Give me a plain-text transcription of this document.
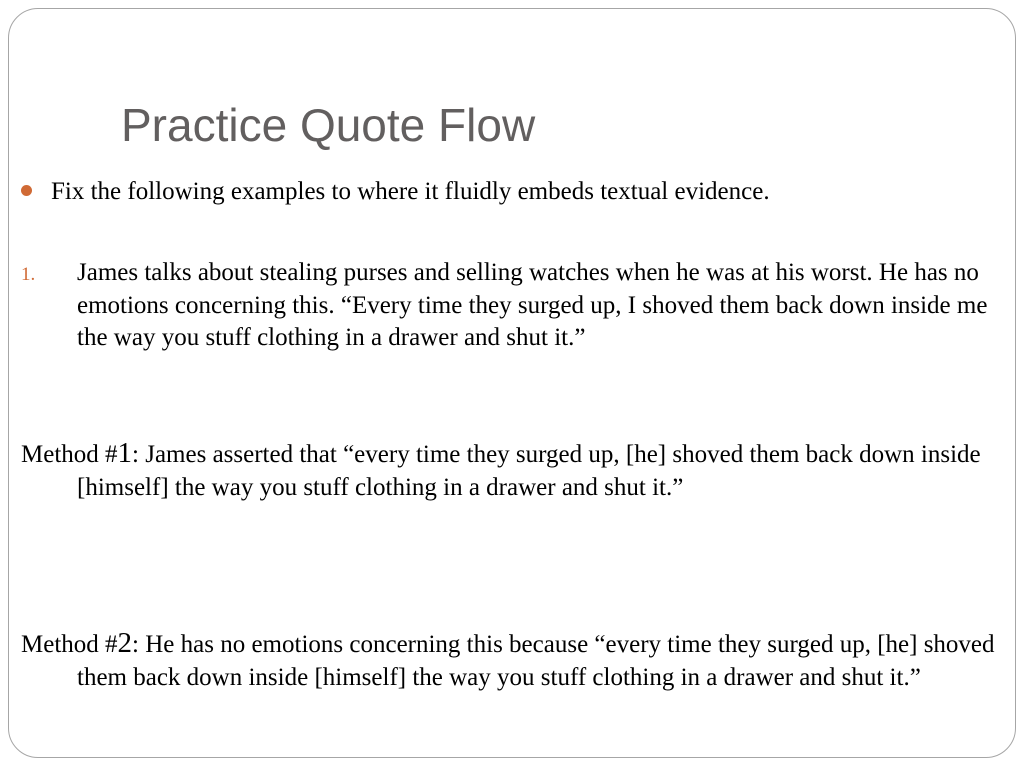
Practice Quote Flow
Fix the following examples to where it fluidly embeds textual evidence.
1. James talks about stealing purses and selling watches when he was at his worst. He has no emotions concerning this. “Every time they surged up, I shoved them back down inside me the way you stuff clothing in a drawer and shut it.”
Method #1: James asserted that “every time they surged up, [he] shoved them back down inside [himself] the way you stuff clothing in a drawer and shut it.”
Method #2: He has no emotions concerning this because “every time they surged up, [he] shoved them back down inside [himself] the way you stuff clothing in a drawer and shut it.”
